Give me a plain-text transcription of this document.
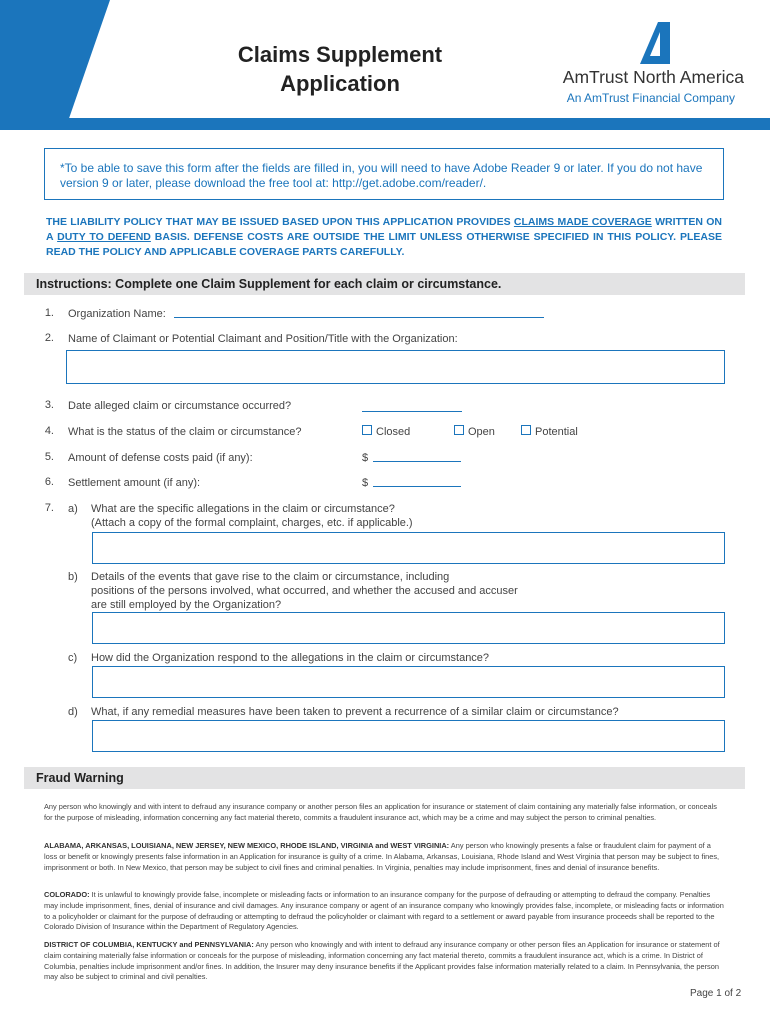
Claims Supplement
Application	AmTrust North America
An AmTrust Financial Company
*To be able to save this form after the fields are filled in, you will need to have Adobe Reader 9 or later. If you do not have version 9 or later, please download the free tool at: http://get.adobe.com/reader/.
THE LIABILITY POLICY THAT MAY BE ISSUED BASED UPON THIS APPLICATION PROVIDES CLAIMS MADE COVERAGE WRITTEN ON A DUTY TO DEFEND BASIS. DEFENSE COSTS ARE OUTSIDE THE LIMIT UNLESS OTHERWISE SPECIFIED IN THIS POLICY. PLEASE READ THE POLICY AND APPLICABLE COVERAGE PARTS CAREFULLY.
Instructions: Complete one Claim Supplement for each claim or circumstance.
1. Organization Name:
2. Name of Claimant or Potential Claimant and Position/Title with the Organization:
3. Date alleged claim or circumstance occurred?
4. What is the status of the claim or circumstance?	Closed	Open	Potential
5. Amount of defense costs paid (if any):	$
6. Settlement amount (if any):	$
7. a) What are the specific allegations in the claim or circumstance?
(Attach a copy of the formal complaint, charges, etc. if applicable.)
b) Details of the events that gave rise to the claim or circumstance, including
positions of the persons involved, what occurred, and whether the accused and accuser
are still employed by the Organization?
c) How did the Organization respond to the allegations in the claim or circumstance?
d) What, if any remedial measures have been taken to prevent a recurrence of a similar claim or circumstance?
Fraud Warning
Any person who knowingly and with intent to defraud any insurance company or another person files an application for insurance or statement of claim containing any materially false information, or conceals for the purpose of misleading, information concerning any fact material thereto, commits a fraudulent insurance act, which may be a crime and may subject the person to criminal penalties.
ALABAMA, ARKANSAS, LOUISIANA, NEW JERSEY, NEW MEXICO, RHODE ISLAND, VIRGINIA and WEST VIRGINIA: Any person who knowingly presents a false or fraudulent claim for payment of a loss or benefit or knowingly presents false information in an Application for insurance is guilty of a crime. In Alabama, Arkansas, Louisiana, Rhode Island and West Virginia that person may be subject to fines, imprisonment or both. In New Mexico, that person may be subject to civil fines and criminal penalties. In Virginia, penalties may include imprisonment, fines and denial of insurance benefits.
COLORADO: It is unlawful to knowingly provide false, incomplete or misleading facts or information to an insurance company for the purpose of defrauding or attempting to defraud the company. Penalties may include imprisonment, fines, denial of insurance and civil damages. Any insurance company or agent of an insurance company who knowingly provides false, incomplete, or misleading facts or information to a policyholder or claimant for the purpose of defrauding or attempting to defraud the policyholder or claimant with regard to a settlement or award payable from insurance proceeds shall be reported to the Colorado Division of Insurance within the Department of Regulatory Agencies.
DISTRICT OF COLUMBIA, KENTUCKY and PENNSYLVANIA: Any person who knowingly and with intent to defraud any insurance company or other person files an Application for insurance or statement of claim containing materially false information or conceals for the purpose of misleading, information concerning any fact material thereto, commits a fraudulent insurance act, which is a crime. In District of Columbia, penalties include imprisonment and/or fines. In addition, the Insurer may deny insurance benefits if the Applicant provides false information materially related to a claim. In Pennsylvania, the person may also be subject to criminal and civil penalties.
Page 1 of 2
